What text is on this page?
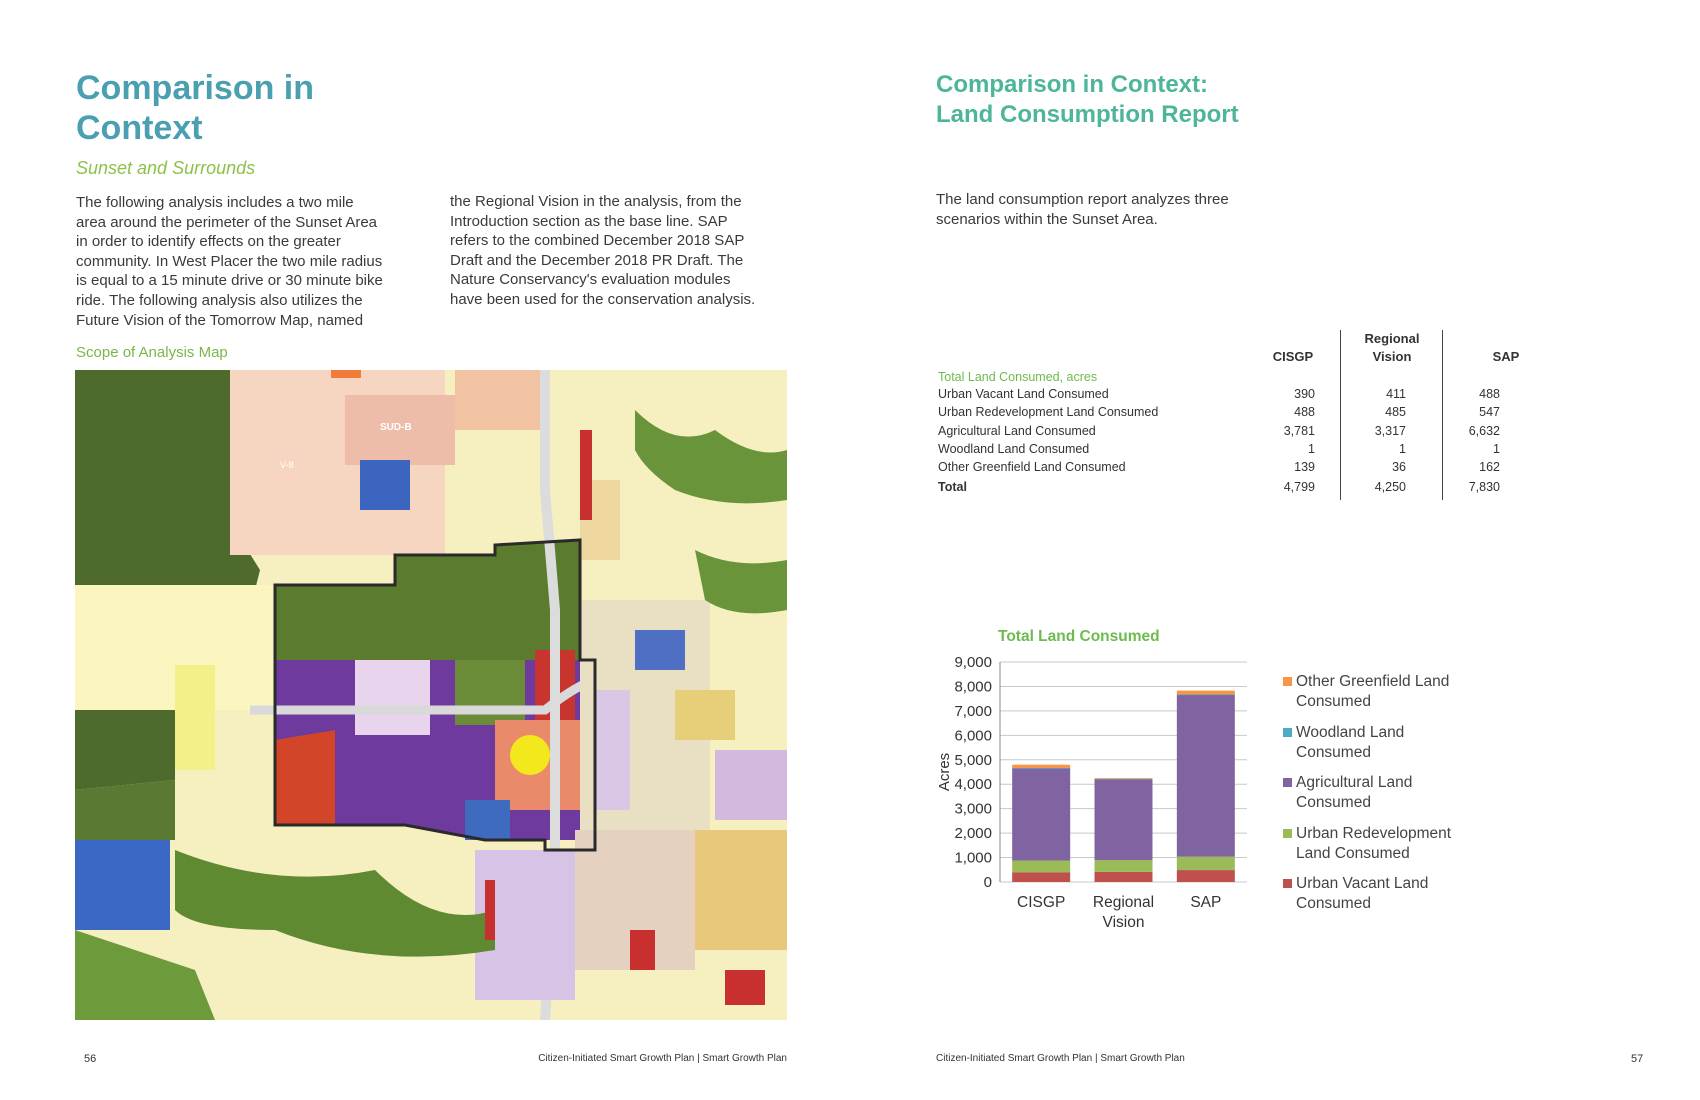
Comparison in
Context
Sunset and Surrounds
The following analysis includes a two mile
area around the perimeter of the Sunset Area
in order to identify effects on the greater
community. In West Placer the two mile radius
is equal to a 15 minute drive or 30 minute bike
ride. The following analysis also utilizes the
Future Vision of the Tomorrow Map, named
the Regional Vision in the analysis, from the
Introduction section as the base line. SAP
refers to the combined December 2018 SAP
Draft and the December 2018 PR Draft. The
Nature Conservancy's evaluation modules
have been used for the conservation analysis.
Scope of Analysis Map
SUD-B
V-8
56	Citizen-Initiated Smart Growth Plan | Smart Growth Plan
Comparison in Context:
Land Consumption Report
The land consumption report analyzes three
scenarios within the Sunset Area.
CISGP
Regional
Vision	SAP
Total Land Consumed, acres
Urban Vacant Land Consumed	390	411	488
Urban Redevelopment Land Consumed	488	485	547
Agricultural Land Consumed	3,781	3,317	6,632
Woodland Land Consumed	1	1	1
Other Greenfield Land Consumed	139	36	162
Total	4,799	4,250	7,830
Total Land Consumed
0
1,000
2,000
3,000
4,000
5,000
6,000
7,000
8,000
9,000
Acres
CISGP Regional
Vision
SAP
Other Greenfield Land
Consumed
Woodland Land
Consumed
Agricultural Land
Consumed
Urban Redevelopment
Land Consumed
Urban Vacant Land
Consumed
Citizen-Initiated Smart Growth Plan | Smart Growth Plan	57
